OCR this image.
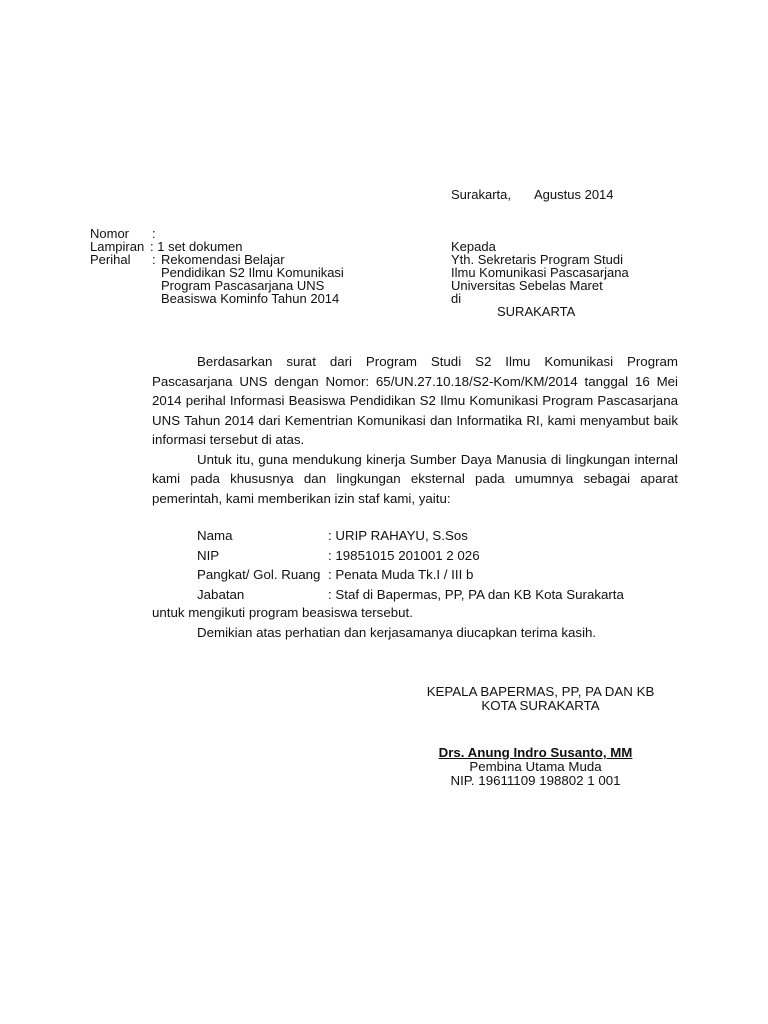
Surakarta, Agustus 2014
Nomor :
Lampiran : 1 set dokumen
Perihal : Rekomendasi Belajar
Pendidikan S2 Ilmu Komunikasi
Program Pascasarjana UNS
Beasiswa Kominfo Tahun 2014
Kepada
Yth. Sekretaris Program Studi
Ilmu Komunikasi Pascasarjana
Universitas Sebelas Maret
di
SURAKARTA

Berdasarkan surat dari Program Studi S2 Ilmu Komunikasi Program Pascasarjana UNS dengan Nomor: 65/UN.27.10.18/S2-Kom/KM/2014 tanggal 16 Mei 2014 perihal Informasi Beasiswa Pendidikan S2 Ilmu Komunikasi Program Pascasarjana UNS Tahun 2014 dari Kementrian Komunikasi dan Informatika RI, kami menyambut baik informasi tersebut di atas.

Untuk itu, guna mendukung kinerja Sumber Daya Manusia di lingkungan internal kami pada khususnya dan lingkungan eksternal pada umumnya sebagai aparat pemerintah, kami memberikan izin staf kami, yaitu:

Nama	: URIP RAHAYU, S.Sos
NIP	: 19851015 201001 2 026
Pangkat/ Gol. Ruang : Penata Muda Tk.I / III b
Jabatan	: Staf di Bapermas, PP, PA dan KB Kota Surakarta
untuk mengikuti program beasiswa tersebut.
Demikian atas perhatian dan kerjasamanya diucapkan terima kasih.
KEPALA BAPERMAS, PP, PA DAN KB
KOTA SURAKARTA
Drs. Anung Indro Susanto, MM
Pembina Utama Muda
NIP. 19611109 198802 1 001
